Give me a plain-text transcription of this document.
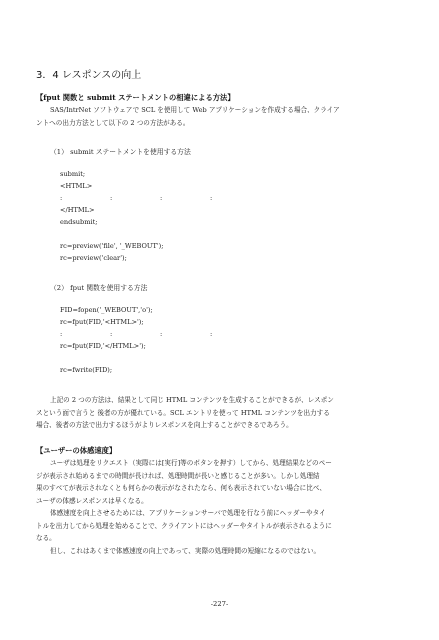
3．4 レスポンスの向上
【fput 関数と submit ステートメントの相違による方法】
SAS/IntrNet ソフトウェアで SCL を使用して Web アプリケーションを作成する場合、クライア
ントへの出力方法として以下の 2 つの方法がある。
（1） submit ステートメントを使用する方法
submit;
<HTML>
:	:	:	:
</HTML>
endsubmit;
rc=preview('file', '_WEBOUT');
rc=preview('clear');
（2） fput 関数を使用する方法
FID=fopen('_WEBOUT','o');
rc=fput(FID,'<HTML>');
:	:	:	:
rc=fput(FID,'</HTML>');
rc=fwrite(FID);
上記の 2 つの方法は、結果として同じ HTML コンテンツを生成することができるが、レスポン
スという面で言うと 後者の方が優れている。SCL エントリを使って HTML コンテンツを出力する
場合、後者の方法で出力するほうがよりレスポンスを向上することができるであろう。
【ユーザーの体感速度】
ユーザは処理をリクエスト（実際には[実行]等のボタンを押す）してから、処理結果などのペー
ジが表示され始めるまでの時間が長ければ、処理時間が長いと感じることが多い。しかし処理結
果のすべてが表示されなくとも何らかの表示がなされたなら、何も表示されていない場合に比べ、
ユーザの体感レスポンスは早くなる。
体感速度を向上させるためには、アプリケーションサーバで処理を行なう前にヘッダーやタイ
トルを出力してから処理を始めることで、クライアントにはヘッダーやタイトルが表示されるように
なる。
但し、これはあくまで体感速度の向上であって、実際の処理時間の短縮になるのではない。
-227-
